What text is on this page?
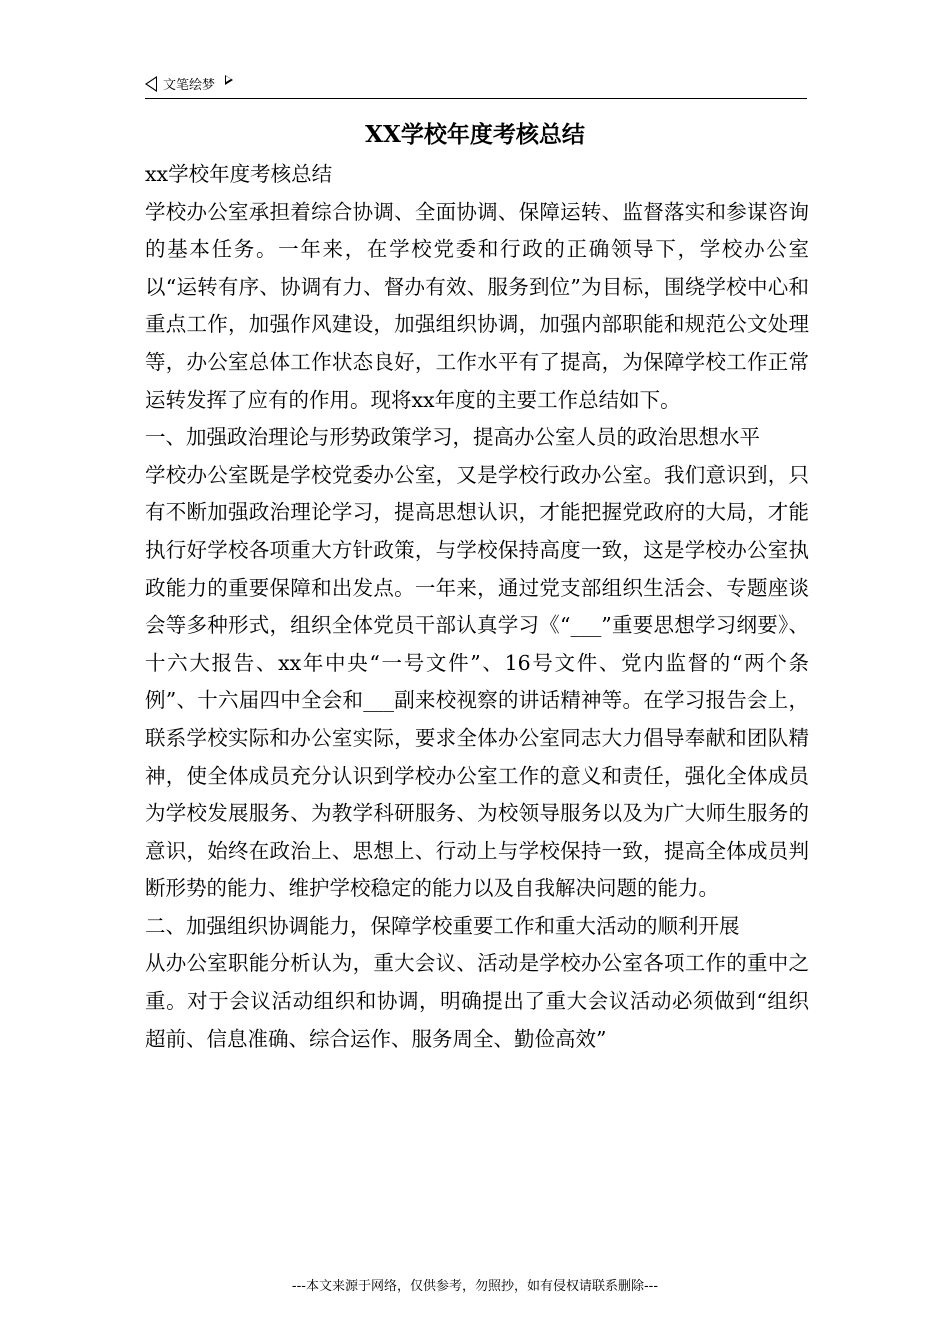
文笔绘梦
XX学校年度考核总结

xx学校年度考核总结

学校办公室承担着综合协调、全面协调、保障运转、监督落实和参谋咨询的基本任务。一年来，在学校党委和行政的正确领导下，学校办公室以“运转有序、协调有力、督办有效、服务到位”为目标，围绕学校中心和重点工作，加强作风建设，加强组织协调，加强内部职能和规范公文处理等，办公室总体工作状态良好，工作水平有了提高，为保障学校工作正常运转发挥了应有的作用。现将xx年度的主要工作总结如下。

一、加强政治理论与形势政策学习，提高办公室人员的政治思想水平

学校办公室既是学校党委办公室，又是学校行政办公室。我们意识到，只有不断加强政治理论学习，提高思想认识，才能把握党政府的大局，才能执行好学校各项重大方针政策，与学校保持高度一致，这是学校办公室执政能力的重要保障和出发点。一年来，通过党支部组织生活会、专题座谈会等多种形式，组织全体党员干部认真学习《“___”重要思想学习纲要》、十六大报告、xx年中央“一号文件”、16号文件、党内监督的“两个条例”、十六届四中全会和___副来校视察的讲话精神等。在学习报告会上，联系学校实际和办公室实际，要求全体办公室同志大力倡导奉献和团队精神，使全体成员充分认识到学校办公室工作的意义和责任，强化全体成员为学校发展服务、为教学科研服务、为校领导服务以及为广大师生服务的意识，始终在政治上、思想上、行动上与学校保持一致，提高全体成员判断形势的能力、维护学校稳定的能力以及自我解决问题的能力。

二、加强组织协调能力，保障学校重要工作和重大活动的顺利开展

从办公室职能分析认为，重大会议、活动是学校办公室各项工作的重中之重。对于会议活动组织和协调，明确提出了重大会议活动必须做到“组织超前、信息准确、综合运作、服务周全、勤俭高效”

---本文来源于网络，仅供参考，勿照抄，如有侵权请联系删除---
